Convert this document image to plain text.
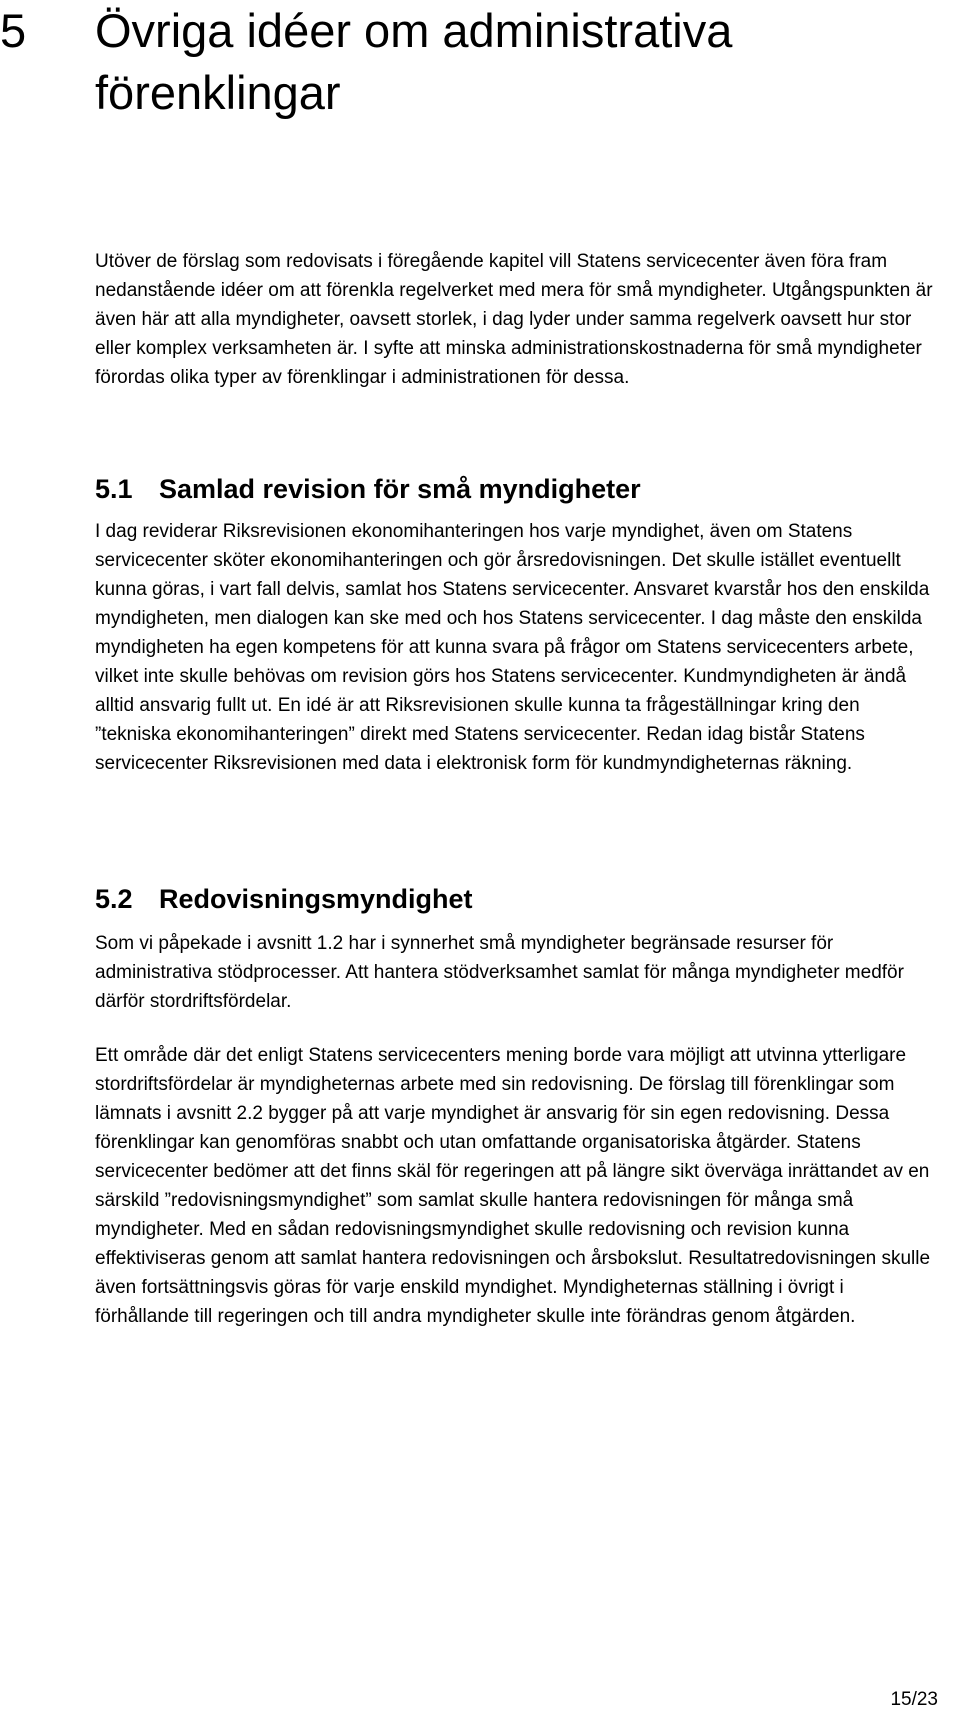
5 Övriga idéer om administrativa förenklingar

Utöver de förslag som redovisats i föregående kapitel vill Statens servicecenter även föra fram nedanstående idéer om att förenkla regelverket med mera för små myndigheter. Utgångspunkten är även här att alla myndigheter, oavsett storlek, i dag lyder under samma regelverk oavsett hur stor eller komplex verksamheten är. I syfte att minska administrationskostnaderna för små myndigheter förordas olika typer av förenklingar i administrationen för dessa.

5.1 Samlad revision för små myndigheter

I dag reviderar Riksrevisionen ekonomihanteringen hos varje myndighet, även om Statens servicecenter sköter ekonomihanteringen och gör årsredovisningen. Det skulle istället eventuellt kunna göras, i vart fall delvis, samlat hos Statens servicecenter. Ansvaret kvarstår hos den enskilda myndigheten, men dialogen kan ske med och hos Statens servicecenter. I dag måste den enskilda myndigheten ha egen kompetens för att kunna svara på frågor om Statens servicecenters arbete, vilket inte skulle behövas om revision görs hos Statens servicecenter. Kundmyndigheten är ändå alltid ansvarig fullt ut. En idé är att Riksrevisionen skulle kunna ta frågeställningar kring den ”tekniska ekonomihanteringen” direkt med Statens servicecenter. Redan idag bistår Statens servicecenter Riksrevisionen med data i elektronisk form för kundmyndigheternas räkning.

5.2 Redovisningsmyndighet

Som vi påpekade i avsnitt 1.2 har i synnerhet små myndigheter begränsade resurser för administrativa stödprocesser. Att hantera stödverksamhet samlat för många myndigheter medför därför stordriftsfördelar.

Ett område där det enligt Statens servicecenters mening borde vara möjligt att utvinna ytterligare stordriftsfördelar är myndigheternas arbete med sin redovisning. De förslag till förenklingar som lämnats i avsnitt 2.2 bygger på att varje myndighet är ansvarig för sin egen redovisning. Dessa förenklingar kan genomföras snabbt och utan omfattande organisatoriska åtgärder. Statens servicecenter bedömer att det finns skäl för regeringen att på längre sikt överväga inrättandet av en särskild ”redovisningsmyndighet” som samlat skulle hantera redovisningen för många små myndigheter. Med en sådan redovisningsmyndighet skulle redovisning och revision kunna effektiviseras genom att samlat hantera redovisningen och årsbokslut. Resultatredovisningen skulle även fortsättningsvis göras för varje enskild myndighet. Myndigheternas ställning i övrigt i förhållande till regeringen och till andra myndigheter skulle inte förändras genom åtgärden.

15/23
